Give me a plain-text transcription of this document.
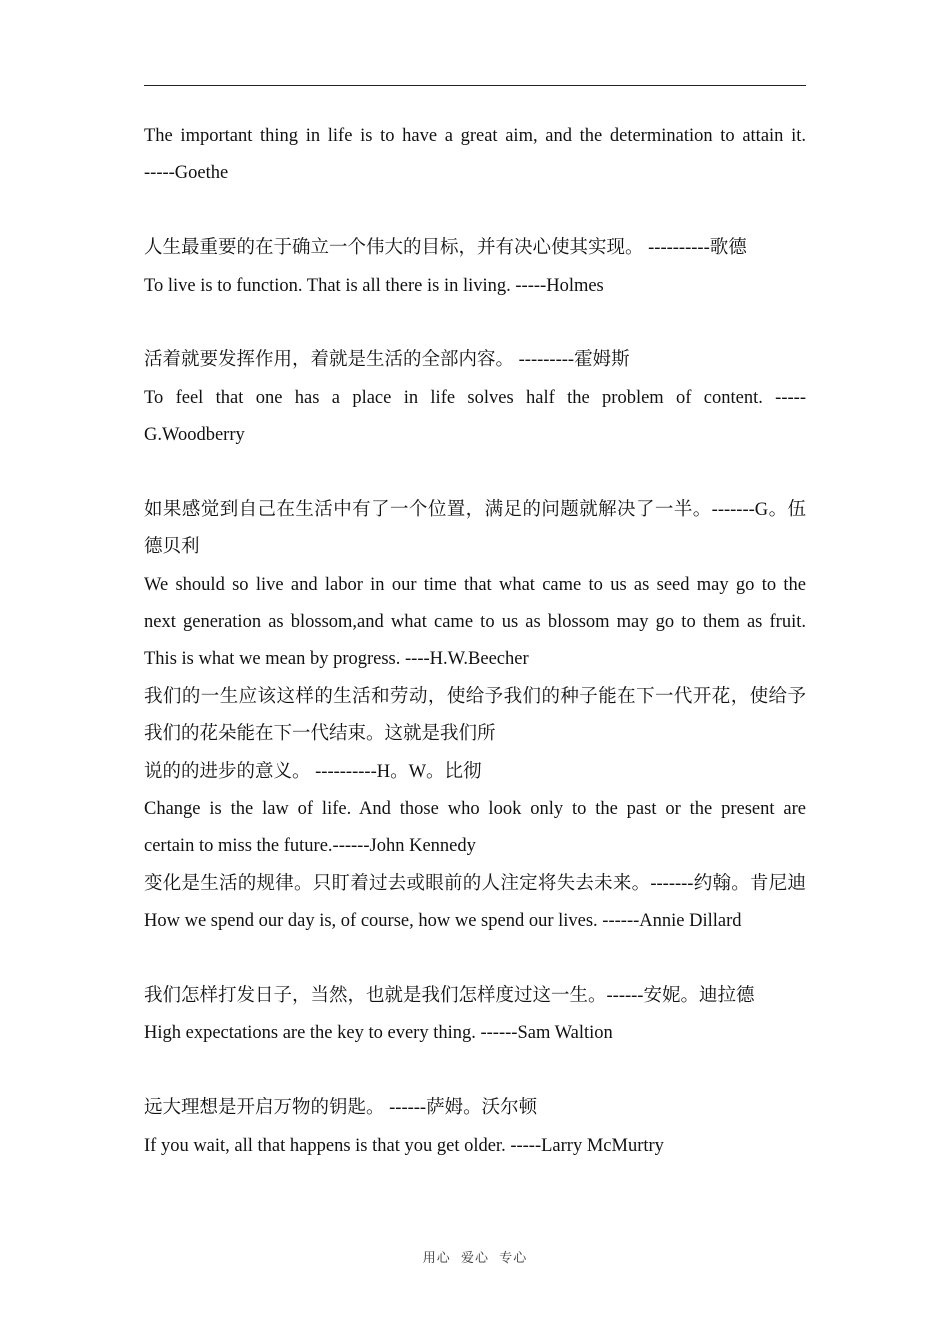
The important thing in life is to have a great aim, and the determination to attain it.
-----Goethe
人生最重要的在于确立一个伟大的目标，并有决心使其实现。 ----------歌德
To live is to function. That is all there is in living. -----Holmes
活着就要发挥作用，着就是生活的全部内容。 ---------霍姆斯
To feel that one has a place in life solves half the problem of content. -----
G.Woodberry
如果感觉到自己在生活中有了一个位置，满足的问题就解决了一半。-------G。伍
德贝利
We should so live and labor in our time that what came to us as seed may go to the
next generation as blossom,and what came to us as blossom may go to them as fruit.
This is what we mean by progress. ----H.W.Beecher
我们的一生应该这样的生活和劳动，使给予我们的种子能在下一代开花，使给予
我们的花朵能在下一代结束。这就是我们所
说的的进步的意义。 ----------H。W。比彻
Change is the law of life. And those who look only to the past or the present are
certain to miss the future.------John Kennedy
变化是生活的规律。只盯着过去或眼前的人注定将失去未来。-------约翰。肯尼迪
How we spend our day is, of course, how we spend our lives. ------Annie Dillard
我们怎样打发日子，当然，也就是我们怎样度过这一生。------安妮。迪拉德
High expectations are the key to every thing. ------Sam Waltion
远大理想是开启万物的钥匙。 ------萨姆。沃尔顿
If you wait, all that happens is that you get older. -----Larry McMurtry
用心 爱心 专心
